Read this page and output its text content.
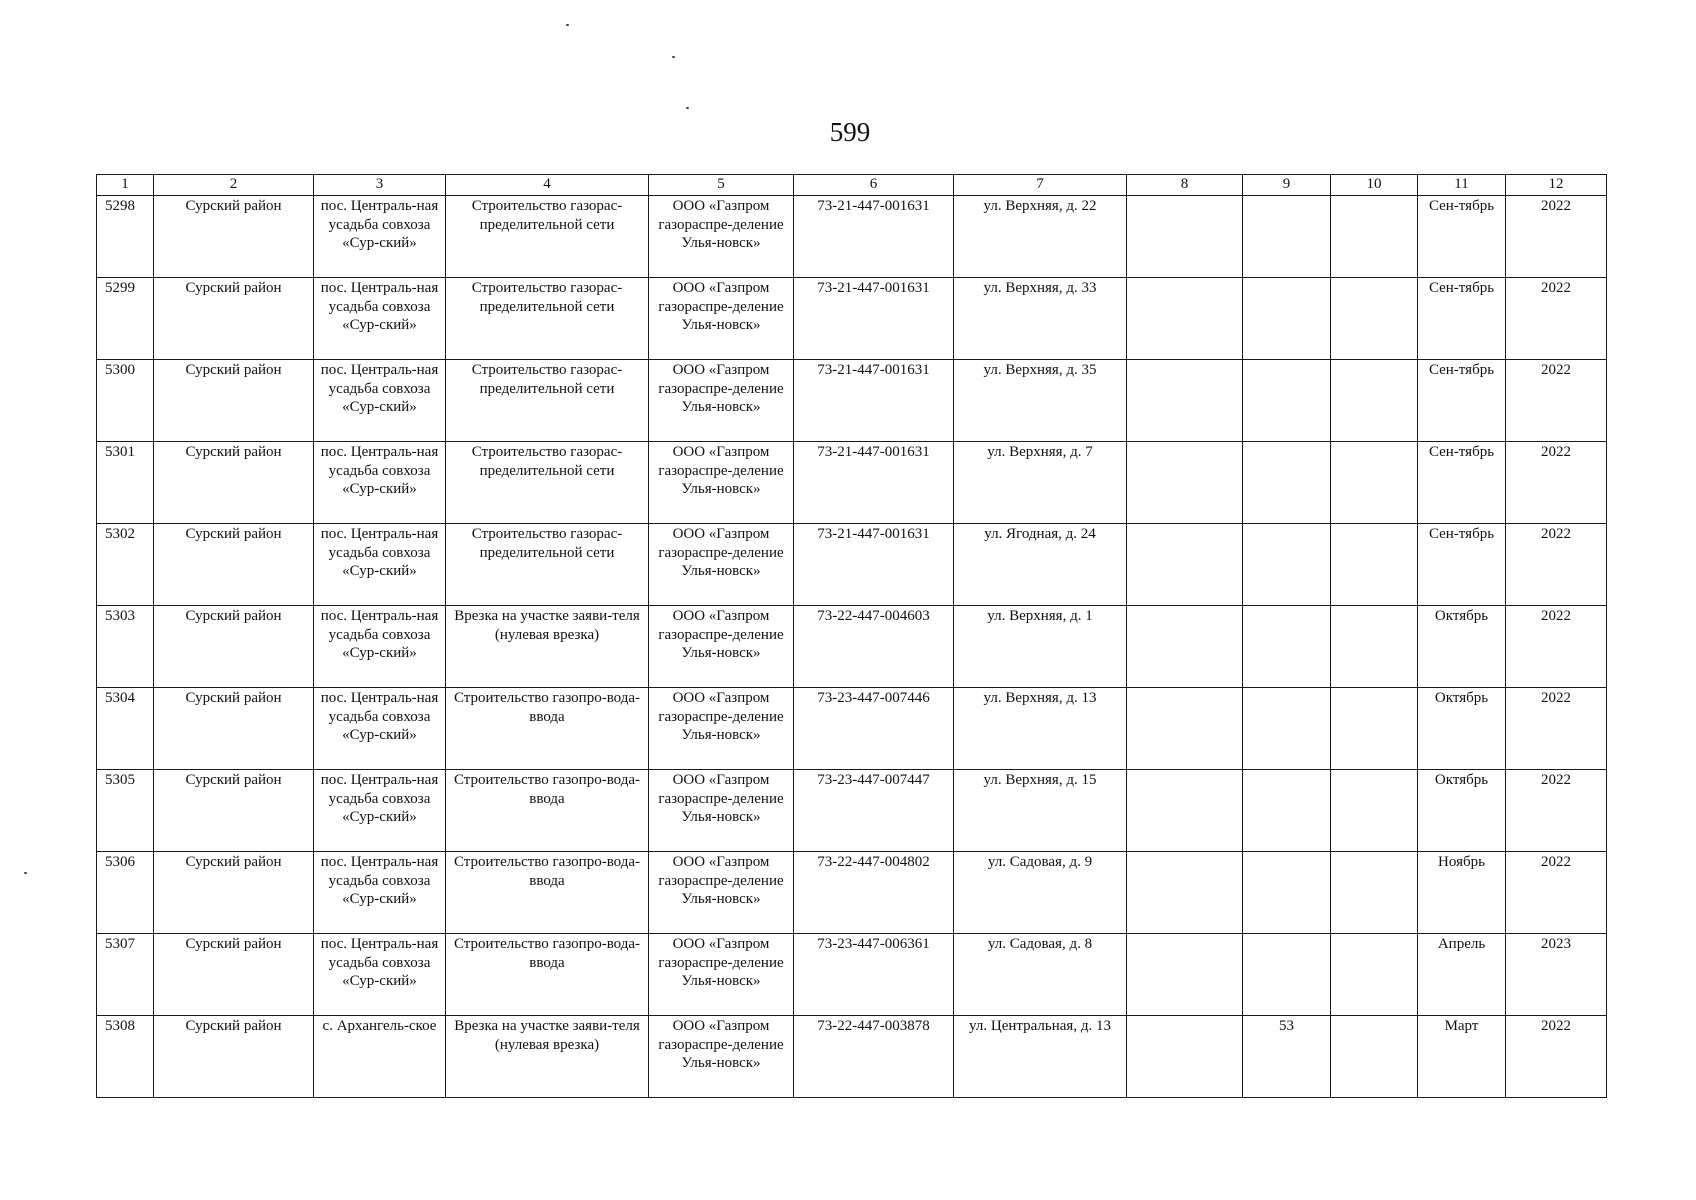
599
1	2	3	4	5	6	7	8	9	10	11	12
5298	Сурский район	пос. Централь-ная усадьба совхоза «Сур-ский»	Строительство газорас-пределительной сети	ООО «Газпром газораспре-деление Улья-новск»	73-21-447-001631	ул. Верхняя, д. 22				Сен-тябрь	2022
5299	Сурский район	пос. Централь-ная усадьба совхоза «Сур-ский»	Строительство газорас-пределительной сети	ООО «Газпром газораспре-деление Улья-новск»	73-21-447-001631	ул. Верхняя, д. 33				Сен-тябрь	2022
5300	Сурский район	пос. Централь-ная усадьба совхоза «Сур-ский»	Строительство газорас-пределительной сети	ООО «Газпром газораспре-деление Улья-новск»	73-21-447-001631	ул. Верхняя, д. 35				Сен-тябрь	2022
5301	Сурский район	пос. Централь-ная усадьба совхоза «Сур-ский»	Строительство газорас-пределительной сети	ООО «Газпром газораспре-деление Улья-новск»	73-21-447-001631	ул. Верхняя, д. 7				Сен-тябрь	2022
5302	Сурский район	пос. Централь-ная усадьба совхоза «Сур-ский»	Строительство газорас-пределительной сети	ООО «Газпром газораспре-деление Улья-новск»	73-21-447-001631	ул. Ягодная, д. 24				Сен-тябрь	2022
5303	Сурский район	пос. Централь-ная усадьба совхоза «Сур-ский»	Врезка на участке заяви-теля (нулевая врезка)	ООО «Газпром газораспре-деление Улья-новск»	73-22-447-004603	ул. Верхняя, д. 1				Октябрь	2022
5304	Сурский район	пос. Централь-ная усадьба совхоза «Сур-ский»	Строительство газопро-вода-ввода	ООО «Газпром газораспре-деление Улья-новск»	73-23-447-007446	ул. Верхняя, д. 13				Октябрь	2022
5305	Сурский район	пос. Централь-ная усадьба совхоза «Сур-ский»	Строительство газопро-вода-ввода	ООО «Газпром газораспре-деление Улья-новск»	73-23-447-007447	ул. Верхняя, д. 15				Октябрь	2022
5306	Сурский район	пос. Централь-ная усадьба совхоза «Сур-ский»	Строительство газопро-вода-ввода	ООО «Газпром газораспре-деление Улья-новск»	73-22-447-004802	ул. Садовая, д. 9				Ноябрь	2022
5307	Сурский район	пос. Централь-ная усадьба совхоза «Сур-ский»	Строительство газопро-вода-ввода	ООО «Газпром газораспре-деление Улья-новск»	73-23-447-006361	ул. Садовая, д. 8				Апрель	2023
5308	Сурский район	с. Архангель-ское	Врезка на участке заяви-теля (нулевая врезка)	ООО «Газпром газораспре-деление Улья-новск»	73-22-447-003878	ул. Центральная, д. 13		53		Март	2022
